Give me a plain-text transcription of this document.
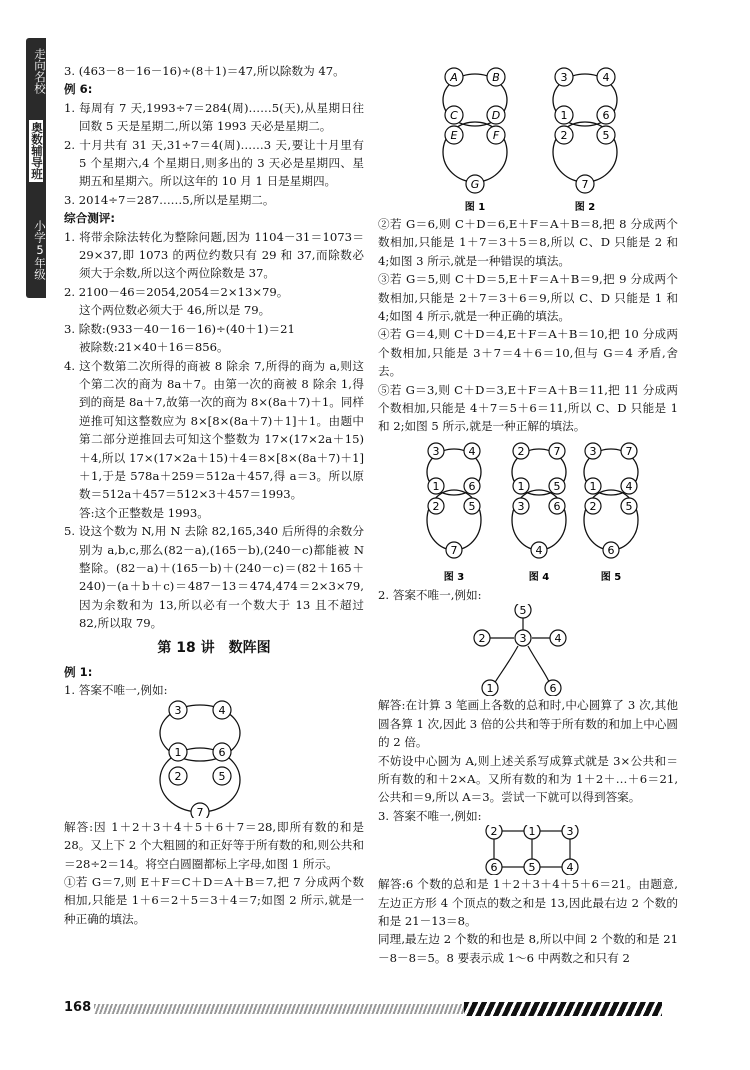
走向名校
奥数辅导班
小学5年级

3. (463－8－16－16)÷(8＋1)＝47,所以除数为 47。

例 6:

1. 每周有 7 天,1993÷7＝284(周)……5(天),从星期日往回数 5 天是星期二,所以第 1993 天必是星期二。

2. 十月共有 31 天,31÷7＝4(周)……3 天,要让十月里有 5 个星期六,4 个星期日,则多出的 3 天必是星期四、星期五和星期六。所以这年的 10 月 1 日是星期四。

3. 2014÷7＝287……5,所以是星期二。

综合测评:

1. 将带余除法转化为整除问题,因为 1104－31＝1073＝29×37,即 1073 的两位约数只有 29 和 37,而除数必须大于余数,所以这个两位除数是 37。

2. 2100－46＝2054,2054＝2×13×79。

这个两位数必须大于 46,所以是 79。

3. 除数:(933－40－16－16)÷(40＋1)＝21

被除数:21×40＋16＝856。

4. 这个数第二次所得的商被 8 除余 7,所得的商为 a,则这个第二次的商为 8a＋7。由第一次的商被 8 除余 1,得到的商是 8a＋7,故第一次的商为 8×(8a＋7)＋1。同样逆推可知这整数应为 8×[8×(8a＋7)＋1]＋1。由题中第二部分逆推回去可知这个整数为 17×(17×2a＋15)＋4,所以 17×(17×2a＋15)＋4＝8×[8×(8a＋7)＋1]＋1,于是 578a＋259＝512a＋457,得 a＝3。所以原数＝512a＋457＝512×3＋457＝1993。

答:这个正整数是 1993。

5. 设这个数为 N,用 N 去除 82,165,340 后所得的余数分别为 a,b,c,那么(82－a),(165－b),(240－c)都能被 N 整除。(82－a)＋(165－b)＋(240－c)＝(82＋165＋240)－(a＋b＋c)＝487－13＝474,474＝2×3×79,因为余数和为 13,所以必有一个数大于 13 且不超过 82,所以取 79。

第 18 讲　数阵图

例 1:

1. 答案不唯一,例如:

3	4
1	6
2	5
7

解答:因 1＋2＋3＋4＋5＋6＋7＝28,即所有数的和是 28。又上下 2 个大粗圆的和正好等于所有数的和,则公共和＝28÷2＝14。将空白圆圈都标上字母,如图 1 所示。

①若 G＝7,则 E＋F＝C＋D＝A＋B＝7,把 7 分成两个数相加,只能是 1＋6＝2＋5＝3＋4＝7;如图 2 所示,就是一种正确的填法。

A	B
C	D
E	F
G
3	4
1	6
2	5
7
图 1	图 2

②若 G＝6,则 C＋D＝6,E＋F＝A＋B＝8,把 8 分成两个数相加,只能是 1＋7＝3＋5＝8,所以 C、D 只能是 2 和 4;如图 3 所示,就是一种错误的填法。

③若 G＝5,则 C＋D＝5,E＋F＝A＋B＝9,把 9 分成两个数相加,只能是 2＋7＝3＋6＝9,所以 C、D 只能是 1 和 4;如图 4 所示,就是一种正确的填法。

④若 G＝4,则 C＋D＝4,E＋F＝A＋B＝10,把 10 分成两个数相加,只能是 3＋7＝4＋6＝10,但与 G＝4 矛盾,舍去。

⑤若 G＝3,则 C＋D＝3,E＋F＝A＋B＝11,把 11 分成两个数相加,只能是 4＋7＝5＋6＝11,所以 C、D 只能是 1 和 2;如图 5 所示,就是一种正解的填法。

3	4
1	6
2	5
7
2	7
1	5
3	6
4
3	7
1	4
2	5
6
图 3	图 4	图 5

2. 答案不唯一,例如:

5
2	3	4
1	6

解答:在计算 3 笔画上各数的总和时,中心圆算了 3 次,其他圆各算 1 次,因此 3 倍的公共和等于所有数的和加上中心圆的 2 倍。

不妨设中心圆为 A,则上述关系写成算式就是 3×公共和＝所有数的和＋2×A。又所有数的和为 1＋2＋…＋6＝21,公共和＝9,所以 A＝3。尝试一下就可以得到答案。

3. 答案不唯一,例如:

2	1	3
6	5	4

解答:6 个数的总和是 1＋2＋3＋4＋5＋6＝21。由题意,左边正方形 4 个顶点的数之和是 13,因此最右边 2 个数的和是 21－13＝8。

同理,最左边 2 个数的和也是 8,所以中间 2 个数的和是 21－8－8＝5。8 要表示成 1～6 中两数之和只有 2

168
